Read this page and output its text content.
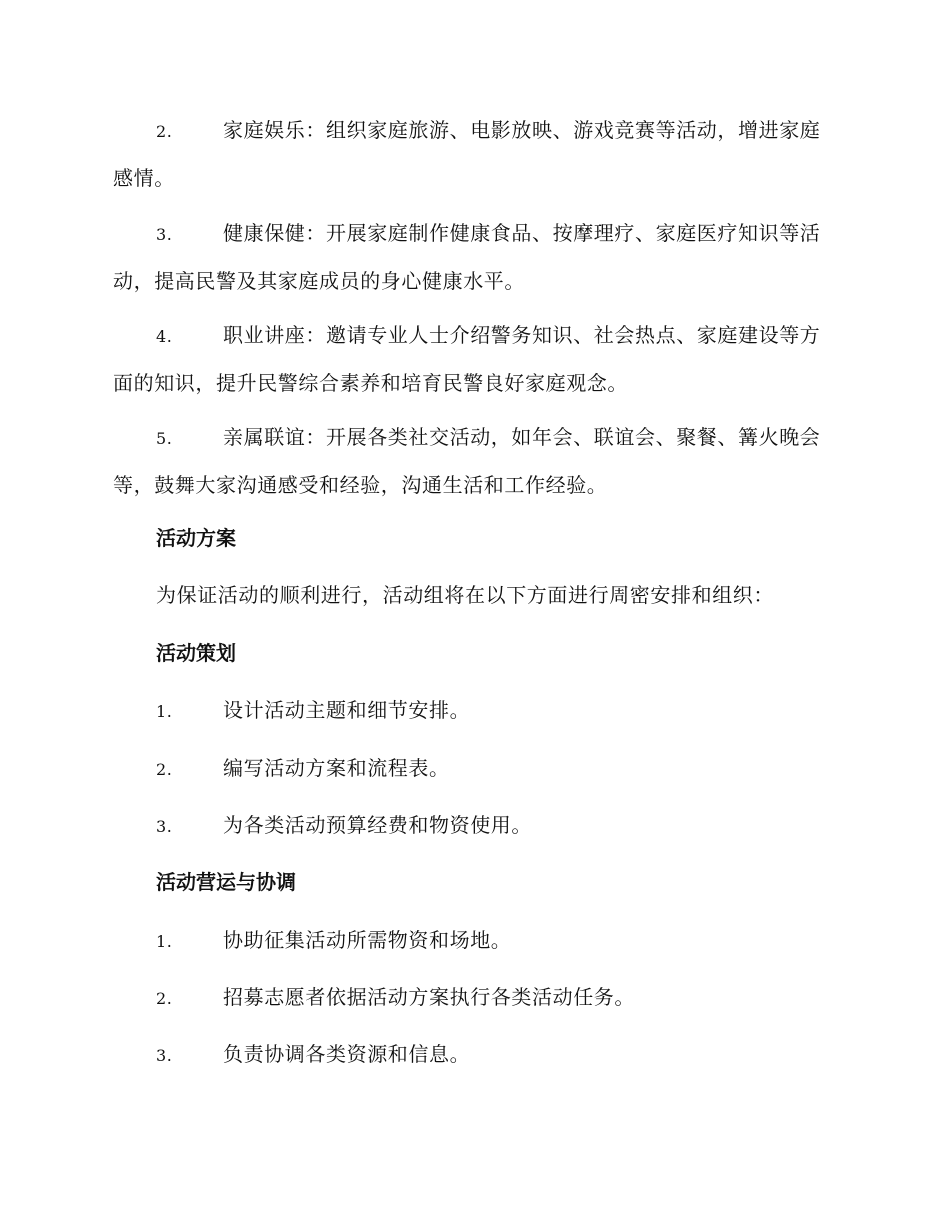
2.	家庭娱乐：组织家庭旅游、电影放映、游戏竞赛等活动，增进家庭感情。
3.	健康保健：开展家庭制作健康食品、按摩理疗、家庭医疗知识等活动，提高民警及其家庭成员的身心健康水平。
4.	职业讲座：邀请专业人士介绍警务知识、社会热点、家庭建设等方面的知识，提升民警综合素养和培育民警良好家庭观念。
5.	亲属联谊：开展各类社交活动，如年会、联谊会、聚餐、篝火晚会等，鼓舞大家沟通感受和经验，沟通生活和工作经验。
活动方案
为保证活动的顺利进行，活动组将在以下方面进行周密安排和组织：
活动策划
1.	设计活动主题和细节安排。
2.	编写活动方案和流程表。
3.	为各类活动预算经费和物资使用。
活动营运与协调
1.	协助征集活动所需物资和场地。
2.	招募志愿者依据活动方案执行各类活动任务。
3.	负责协调各类资源和信息。
